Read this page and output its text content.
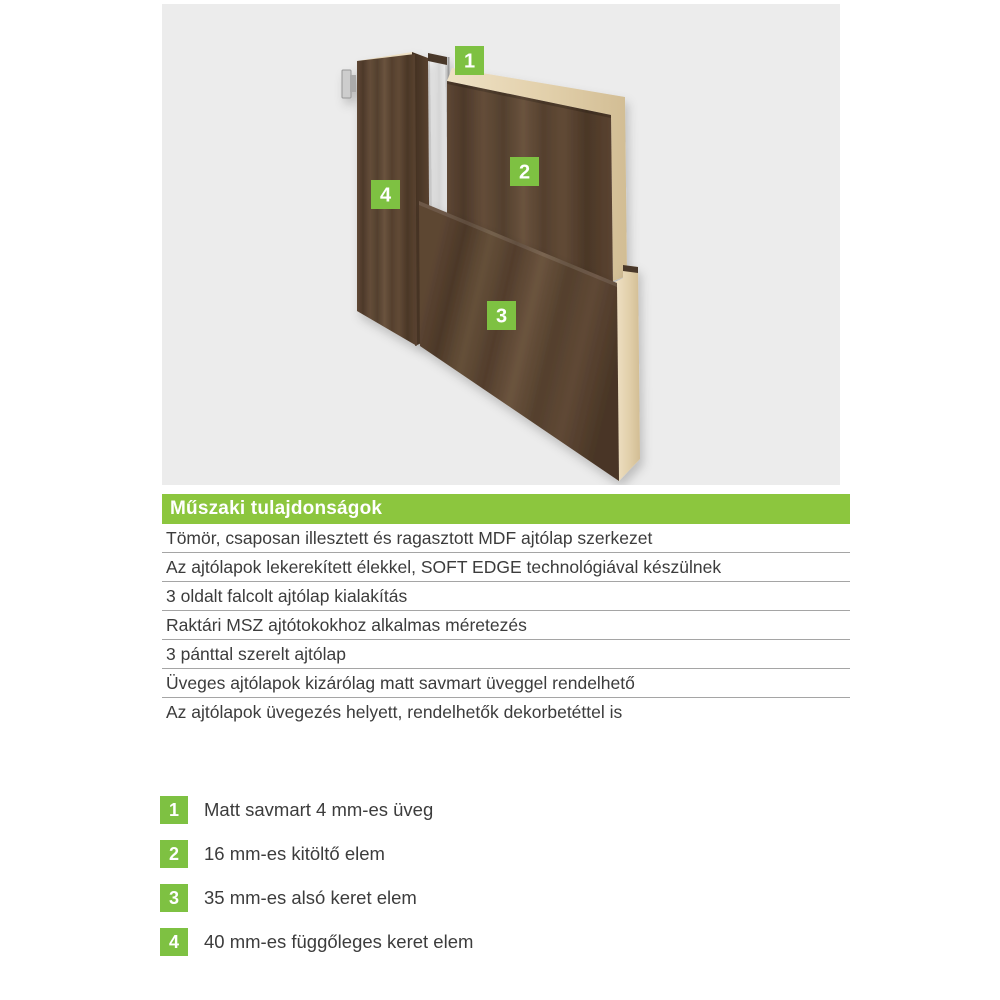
1
2
4
3
Műszaki tulajdonságok
Tömör, csaposan illesztett és ragasztott MDF ajtólap szerkezet
Az ajtólapok lekerekített élekkel, SOFT EDGE technológiával készülnek
3 oldalt falcolt ajtólap kialakítás
Raktári MSZ ajtótokokhoz alkalmas méretezés
3 pánttal szerelt ajtólap
Üveges ajtólapok kizárólag matt savmart üveggel rendelhető
Az ajtólapok üvegezés helyett, rendelhetők dekorbetéttel is
1	Matt savmart 4 mm-es üveg
2	16 mm-es kitöltő elem
3	35 mm-es alsó keret elem
4	40 mm-es függőleges keret elem
